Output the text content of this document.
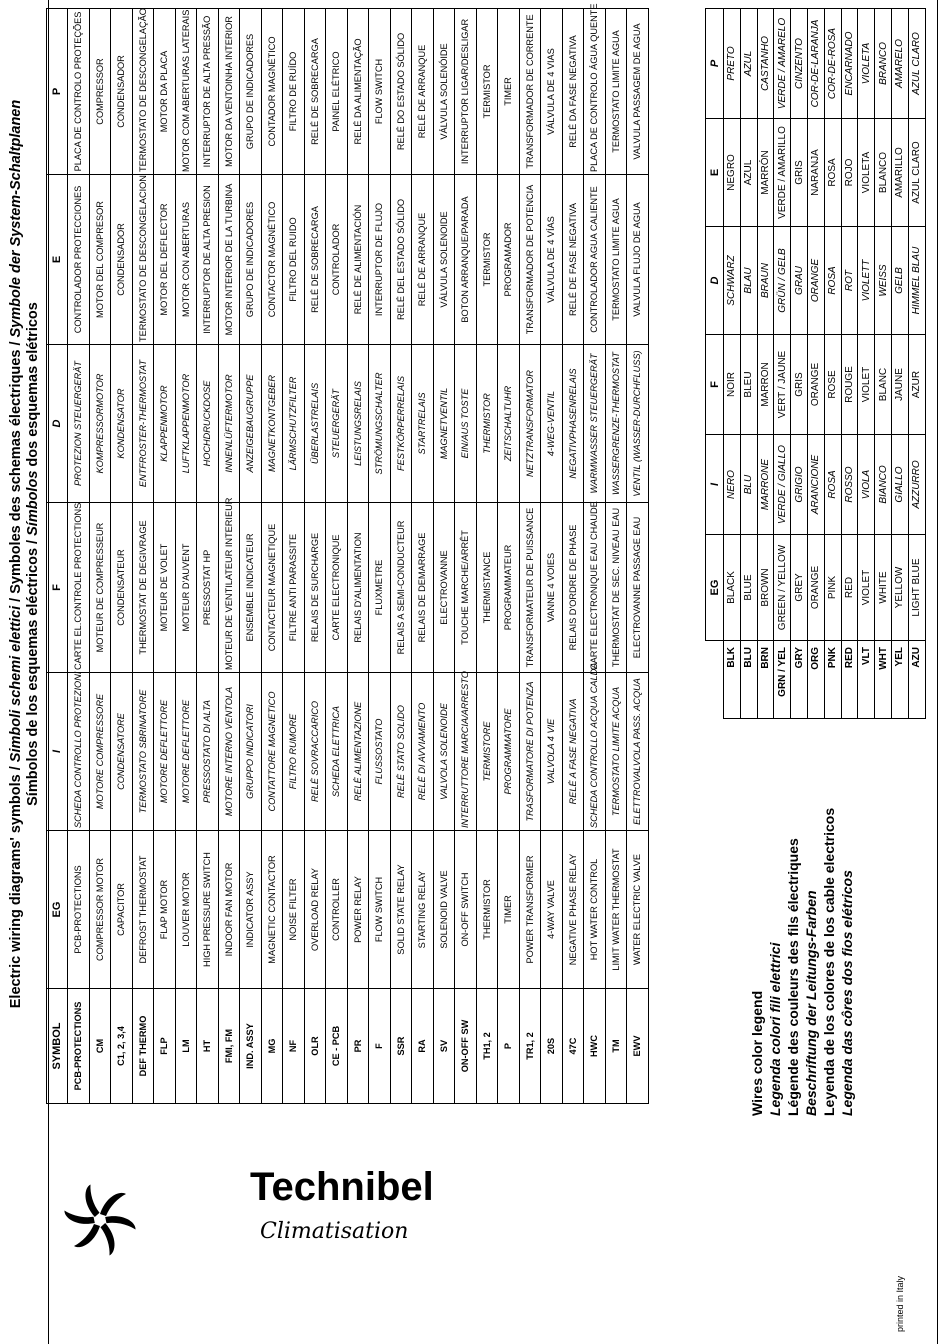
Technibel
Climatisation
printed in Italy
Electric wiring diagrams' symbols / Simboli schemi elettici / Symboles des schemas électriques / Symbole der System-Schaltplanen
Símbolos de los esquemas eléctricos / Símbolos dos esquemas elétricos
SYMBOL	EG	I	F	D	E	P
PCB-PROTECTIONS	PCB-PROTECTIONS	SCHEDA CONTROLLO PROTEZIONI	CARTE EL.CONTROLE PROTECTIONS	PROTEZION STEUERGERÄT	CONTROLADOR PROTECCIONES	PLACA DE CONTROLO PROTEÇÕES
CM	COMPRESSOR MOTOR	MOTORE COMPRESSORE	MOTEUR DE COMPRESSEUR	KOMPRESSORMOTOR	MOTOR DEL COMPRESOR	COMPRESSOR
C1, 2, 3,4	CAPACITOR	CONDENSATORE	CONDENSATEUR	KONDENSATOR	CONDENSADOR	CONDENSADOR
DEF THERMO	DEFROST THERMOSTAT	TERMOSTATO SBRINATORE	THERMOSTAT DE DEGIVRAGE	ENTFROSTER-THERMOSTAT	TERMOSTATO DE DESCONGELACION	TERMOSTATO DE DESCONGELAÇÃO
FLP	FLAP MOTOR	MOTORE DEFLETTORE	MOTEUR DE VOLET	KLAPPENMOTOR	MOTOR DEL DEFLECTOR	MOTOR DA PLACA
LM	LOUVER MOTOR	MOTORE DEFLETTORE	MOTEUR D'AUVENT	LUFTKLAPPENMOTOR	MOTOR CON ABERTURAS	MOTOR COM ABERTURAS LATERAIS
HT	HIGH PRESSURE SWITCH	PRESSOSTATO DI ALTA	PRESSOSTAT HP	HOCHDRUCKDOSE	INTERRUPTOR DE ALTA PRESION	INTERRUPTOR DE ALTA PRESSÃO
FMI, FM	INDOOR FAN MOTOR	MOTORE INTERNO VENTOLA	MOTEUR DE VENTILATEUR INTERIEUR	INNENLÜFTERMOTOR	MOTOR INTERIOR DE LA TURBINA	MOTOR DA VENTOINHA INTERIOR
IND. ASSY	INDICATOR ASSY	GRUPPO INDICATORI	ENSEMBLE INDICATEUR	ANZEIGEBAUGRUPPE	GRUPO DE INDICADORES	GRUPO DE INDICADORES
MG	MAGNETIC CONTACTOR	CONTATTORE MAGNETICO	CONTACTEUR MAGNETIQUE	MAGNETKONTGEBER	CONTACTOR MAGNÉTICO	CONTADOR MAGNÉTICO
NF	NOISE FILTER	FILTRO RUMORE	FILTRE ANTI PARASSITE	LÄRMSCHUTZFILTER	FILTRO DEL RUIDO	FILTRO DE RUÍDO
OLR	OVERLOAD RELAY	RELÈ SOVRACCARICO	RELAIS DE SURCHARGE	ÜBERLASTRELAIS	RELÉ DE SOBRECARGA	RELÉ DE SOBRECARGA
CE - PCB	CONTROLLER	SCHEDA ELETTRICA	CARTE ELECTRONIQUE	STEUERGERÄT	CONTROLADOR	PAINEL ELÉTRICO
PR	POWER RELAY	RELÈ ALIMENTAZIONE	RELAIS D'ALIMENTATION	LEISTUNGSRELAIS	RELÉ DE ALIMENTACIÓN	RELÉ DA ALIMENTAÇÃO
F	FLOW SWITCH	FLUSSOSTATO	FLUXMETRE	STRÖMUNGSCHALTER	INTERRUPTOR DE FLUJO	FLOW SWITCH
SSR	SOLID STATE RELAY	RELÈ STATO SOLIDO	RELAIS A SEMI-CONDUCTEUR	FESTKÖRPERRELAIS	RELÉ DEL ESTADO SÓLIDO	RELÉ DO ESTADO SÓLIDO
RA	STARTING RELAY	RELÈ DI AVVIAMENTO	RELAIS DE DEMARRAGE	STARTRELAIS	RELÉ DE ARRANQUE	RELÉ DE ARRANQUE
SV	SOLENOID VALVE	VALVOLA SOLENOIDE	ELECTROVANNE	MAGNETVENTIL	VÁLVULA SOLENOIDE	VÁLVULA SOLENÓIDE
ON-OFF SW	ON-OFF SWITCH	INTERRUTTORE MARCIA/ARRESTO	TOUCHE MARCHE/ARRÊT	EIN/AUS TOSTE	BOTON ARRANQUE/PARADA	INTERRUPTOR LIGAR/DESLIGAR
TH1, 2	THERMISTOR	TERMISTORE	THERMISTANCE	THERMISTOR	TERMISTOR	TERMISTOR
P	TIMER	PROGRAMMATORE	PROGRAMMATEUR	ZEITSCHALTUHR	PROGRAMADOR	TIMER
TR1, 2	POWER TRANSFORMER	TRASFORMATORE DI POTENZA	TRANSFORMATEUR DE PUISSANCE	NETZTRANSFORMATOR	TRANSFORMADOR DE POTENCIA	TRANSFORMADOR DE CORRENTE
20S	4-WAY VALVE	VALVOLA 4 VIE	VANNE 4 VOIES	4-WEG-VENTIL	VÁLVULA DE 4 VÍAS	VÁLVULA DE 4 VIAS
47C	NEGATIVE PHASE RELAY	RELÈ A FASE NEGATIVA	RELAIS D'ORDRE DE PHASE	NEGATIVPHASENRELAIS	RELÉ DE FASE NEGATIVA	RELÉ DA FASE NEGATIVA
HWC	HOT WATER CONTROL	SCHEDA CONTROLLO ACQUA CALDA	CARTE ELECTRONIQUE EAU CHAUDE	WARMWASSER STEUERGERÄT	CONTROLADOR AGUA CALIENTE	PLACA DE CONTROLO ÁGUA QUENTE
TM	LIMIT WATER THERMOSTAT	TERMOSTATO LIMITE ACQUA	THERMOSTAT DE SEC. NIVEAU EAU	WASSERGRENZE-THERMOSTAT	TERMOSTATO LIMITE AGUA	TERMOSTATO LIMITE AGUA
EWV	WATER ELECTRIC VALVE	ELETTROVALVOLA PASS. ACQUA	ELECTROVANNE PASSAGE EAU	VENTIL (WASSER-DURCHFLUSS)	VALVULA FLUJO DE AGUA	VALVULA PASSAGEM DE AGUA
Wires color legend Legenda colori fili elettrici Légende des couleurs des fils électriques Beschriftung der Leitungs-Farben Leyenda de los colores de los cable electricos Legenda das côres dos fios elétricos
	EG	I	F	D	E	P
BLK	BLACK	NERO	NOIR	SCHWARZ	NEGRO	PRETO
BLU	BLUE	BLU	BLEU	BLAU	AZUL	AZUL
BRN	BROWN	MARRONE	MARRON	BRAUN	MARRÓN	CASTANHO
GRN / YEL	GREEN / YELLOW	VERDE / GIALLO	VERT / JAUNE	GRÜN / GELB	VERDE / AMARILLO	VERDE / AMARELO
GRY	GREY	GRIGIO	GRIS	GRAU	GRIS	CINZENTO
ORG	ORANGE	ARANCIONE	ORANGE	ORANGE	NARANJA	COR-DE-LARANJA
PNK	PINK	ROSA	ROSE	ROSA	ROSA	COR-DE-ROSA
RED	RED	ROSSO	ROUGE	ROT	ROJO	ENCARNADO
VLT	VIOLET	VIOLA	VIOLET	VIOLETT	VIOLETA	VIOLETA
WHT	WHITE	BIANCO	BLANC	WEISS	BLANCO	BRANCO
YEL	YELLOW	GIALLO	JAUNE	GELB	AMARILLO	AMARELO
AZU	LIGHT BLUE	AZZURRO	AZUR	HIMMEL BLAU	AZUL CLARO	AZUL CLARO
